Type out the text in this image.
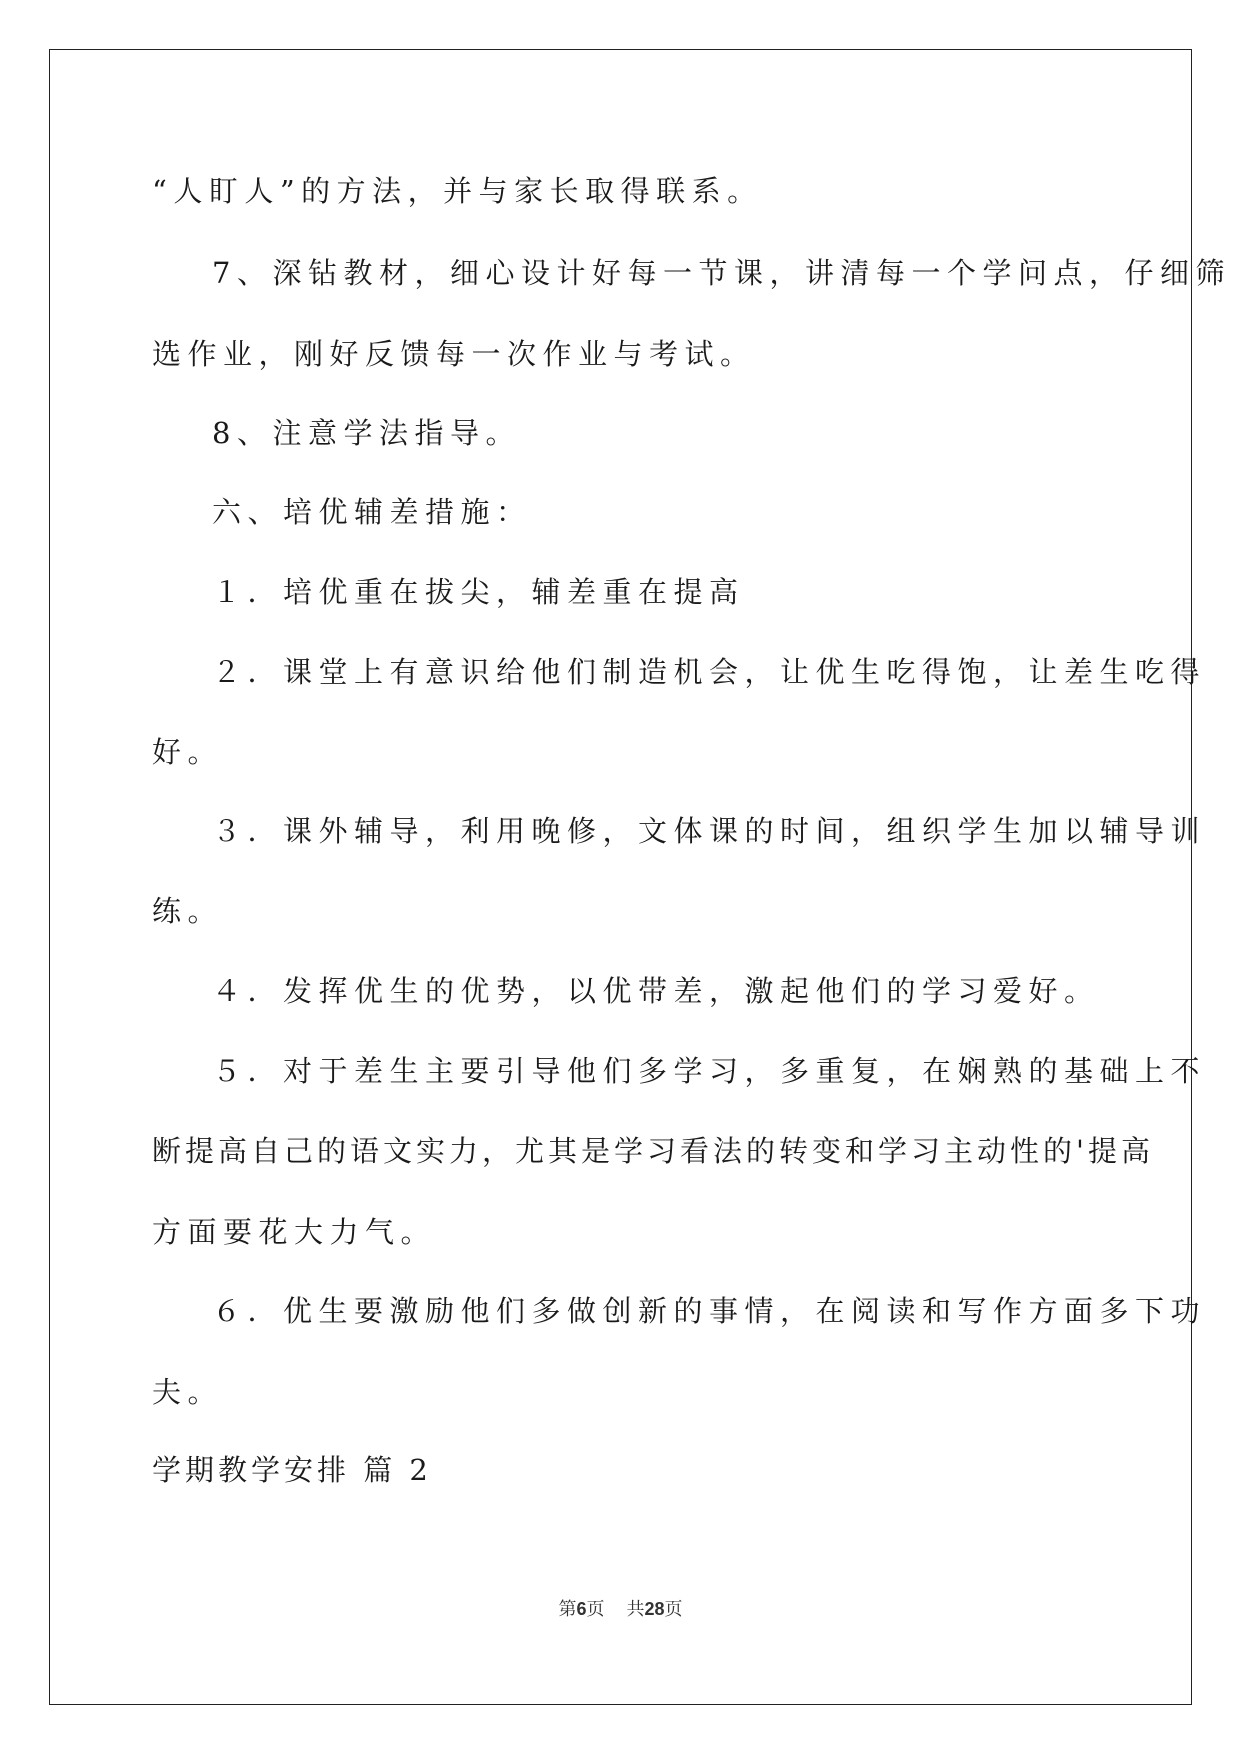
“人盯人”的方法，并与家长取得联系。
7、深钻教材，细心设计好每一节课，讲清每一个学问点，仔细筛
选作业，刚好反馈每一次作业与考试。
8、注意学法指导。
六、培优辅差措施：
１．培优重在拔尖，辅差重在提高
２．课堂上有意识给他们制造机会，让优生吃得饱，让差生吃得
好。
３．课外辅导，利用晚修，文体课的时间，组织学生加以辅导训
练。
４．发挥优生的优势，以优带差，激起他们的学习爱好。
５．对于差生主要引导他们多学习，多重复，在娴熟的基础上不
断提高自己的语文实力，尤其是学习看法的转变和学习主动性的'提高
方面要花大力气。
６．优生要激励他们多做创新的事情，在阅读和写作方面多下功
夫。
学期教学安排 篇 2
第6页 共28页
